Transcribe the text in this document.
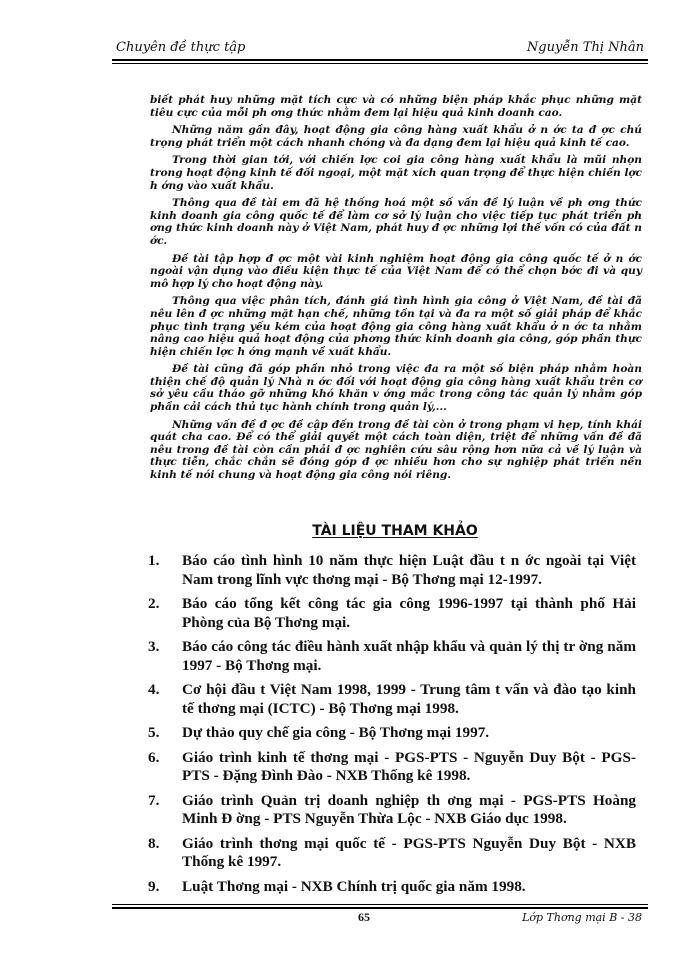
Chuyên đề thực tập	Nguyễn Thị Nhân

biết phát huy những mặt tích cực và có những biện pháp khắc phục những mặt tiêu cực của mỗi ph ơng thức nhằm đem lại hiệu quả kinh doanh cao.

Những năm gần đây, hoạt động gia công hàng xuất khẩu ở n ớc ta đ ợc chú trọng phát triển một cách nhanh chóng và đa dạng đem lại hiệu quả kinh tế cao.

Trong thời gian tới, với chiến lợc coi gia công hàng xuất khẩu là mũi nhọn trong hoạt động kinh tế đối ngoại, một mặt xích quan trọng để thực hiện chiến lợc h ớng vào xuất khẩu.

Thông qua đề tài em đã hệ thống hoá một số vấn đề lý luận về ph ơng thức kinh doanh gia công quốc tế để làm cơ sở lý luận cho việc tiếp tục phát triển ph ơng thức kinh doanh này ở Việt Nam, phát huy đ ợc những lợi thế vốn có của đất n ớc.

Đề tài tập hợp đ ợc một vài kinh nghiệm hoạt động gia công quốc tế ở n ớc ngoài vận dụng vào điều kiện thực tế của Việt Nam để có thể chọn bớc đi và quy mô hợp lý cho hoạt động này.

Thông qua việc phân tích, đánh giá tình hình gia công ở Việt Nam, đề tài đã nêu lên đ ợc những mặt hạn chế, những tồn tại và đa ra một số giải pháp để khắc phục tình trạng yếu kém của hoạt động gia công hàng xuất khẩu ở n ớc ta nhằm nâng cao hiệu quả hoạt động của phơng thức kinh doanh gia công, góp phần thực hiện chiến lợc h ớng mạnh về xuất khẩu.

Đề tài cũng đã góp phần nhỏ trong việc đa ra một số biện pháp nhằm hoàn thiện chế độ quản lý Nhà n ớc đối với hoạt động gia công hàng xuất khẩu trên cơ sở yêu cầu tháo gỡ những khó khăn v ớng mắc trong công tác quản lý nhằm góp phần cải cách thủ tục hành chính trong quản lý,...

Những vấn đề đ ợc đề cập đến trong đề tài còn ở trong phạm vi hẹp, tính khái quát cha cao. Để có thể giải quyết một cách toàn diện, triệt để những vấn đề đã nêu trong đề tài còn cần phải đ ợc nghiên cứu sâu rộng hơn nữa cả về lý luận và thực tiễn, chắc chắn sẽ đóng góp đ ợc nhiều hơn cho sự nghiệp phát triển nền kinh tế nói chung và hoạt động gia công nói riêng.

TÀI LIỆU THAM KHẢO
1. Báo cáo tình hình 10 năm thực hiện Luật đầu t n ớc ngoài tại Việt Nam trong lĩnh vực thơng mại - Bộ Thơng mại 12-1997.
2. Báo cáo tổng kết công tác gia công 1996-1997 tại thành phố Hải Phòng của Bộ Thơng mại.
3. Báo cáo công tác điều hành xuất nhập khẩu và quản lý thị tr ờng năm 1997 - Bộ Thơng mại.
4. Cơ hội đầu t Việt Nam 1998, 1999 - Trung tâm t vấn và đào tạo kinh tế thơng mại (ICTC) - Bộ Thơng mại 1998.
5. Dự thảo quy chế gia công - Bộ Thơng mại 1997.
6. Giáo trình kinh tế thơng mại - PGS-PTS - Nguyễn Duy Bột - PGS-PTS - Đặng Đình Đào - NXB Thống kê 1998.
7. Giáo trình Quản trị doanh nghiệp th ơng mại - PGS-PTS Hoàng Minh Đ ờng - PTS Nguyễn Thừa Lộc - NXB Giáo dục 1998.
8. Giáo trình thơng mại quốc tế - PGS-PTS Nguyễn Duy Bột - NXB Thống kê 1997.
9. Luật Thơng mại - NXB Chính trị quốc gia năm 1998.
65	Lớp Thơng mại B - 38
